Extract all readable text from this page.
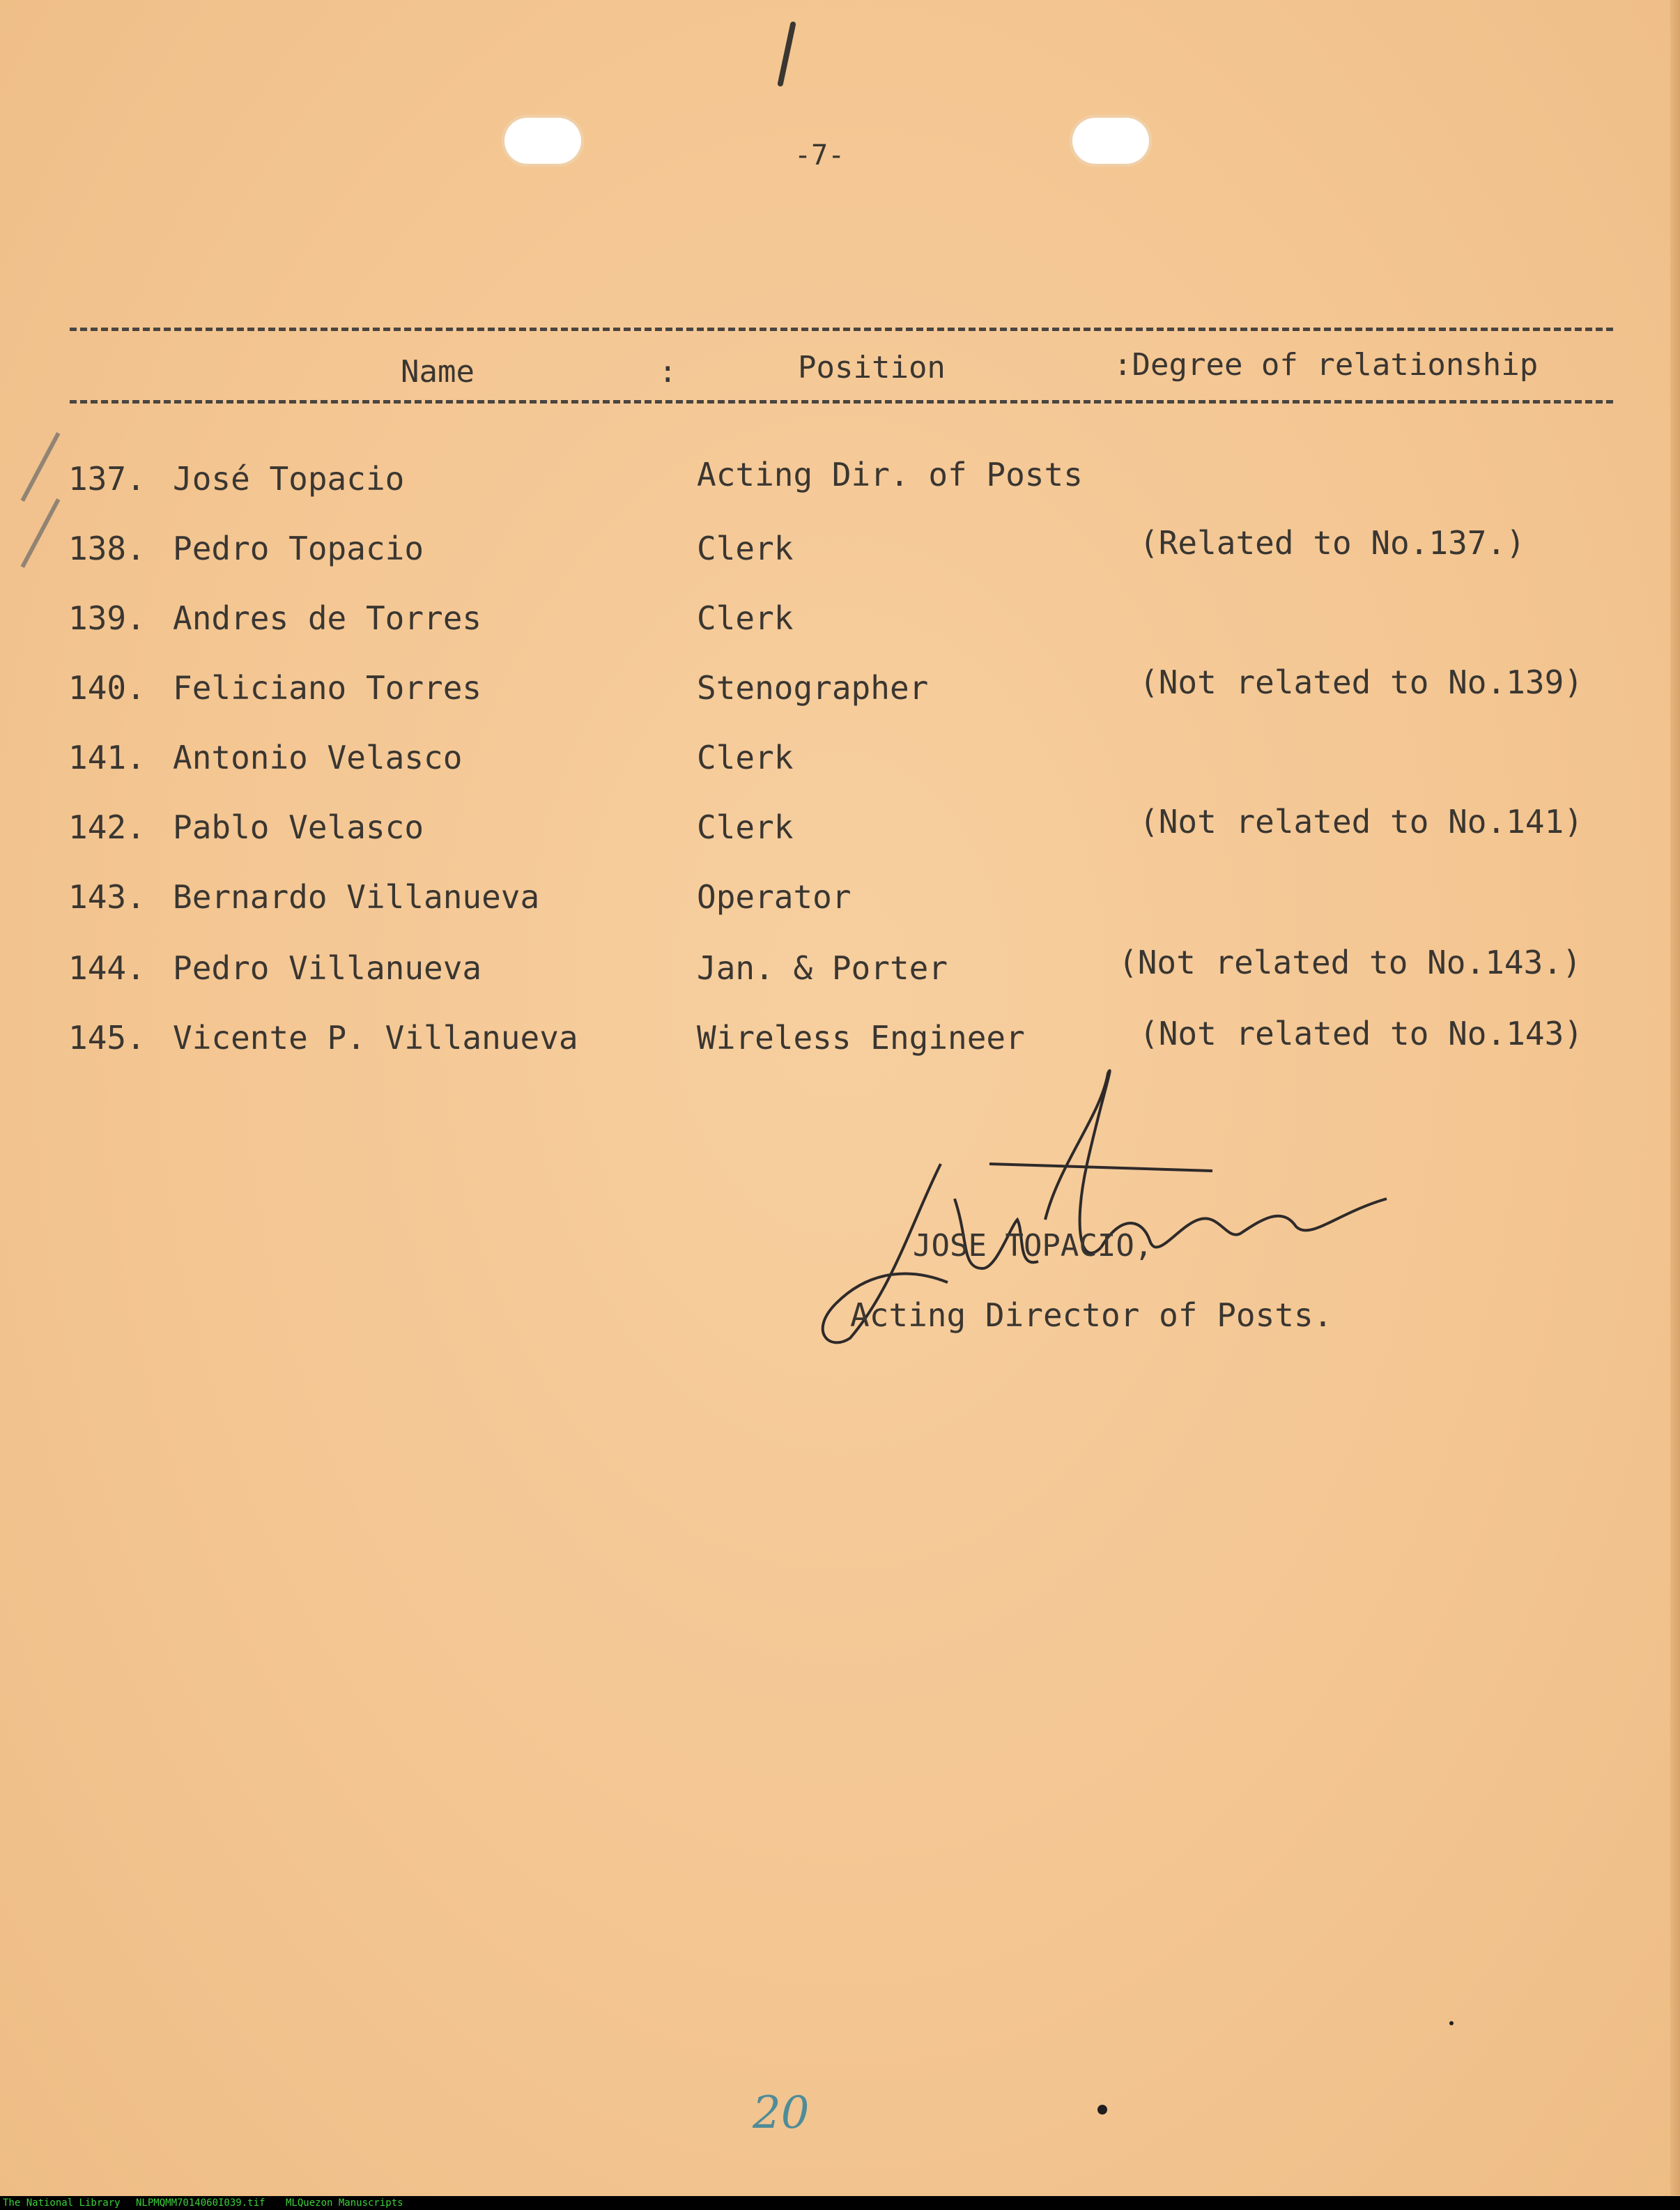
-7-
Name	:	Position	:Degree of relationship
137. José Topacio	Acting Dir. of Posts
138. Pedro Topacio	Clerk	(Related to No.137.)
139. Andres de Torres	Clerk
140. Feliciano Torres	Stenographer	(Not related to No.139)
141. Antonio Velasco	Clerk
142. Pablo Velasco	Clerk	(Not related to No.141)
143. Bernardo Villanueva	Operator
144. Pedro Villanueva	Jan. & Porter	(Not related to No.143.)
145. Vicente P. Villanueva	Wireless Engineer	(Not related to No.143)
JOSE TOPACIO,
Acting Director of Posts.
20
The National Library NLPMQMM7014060I039.tif MLQuezon Manuscripts
